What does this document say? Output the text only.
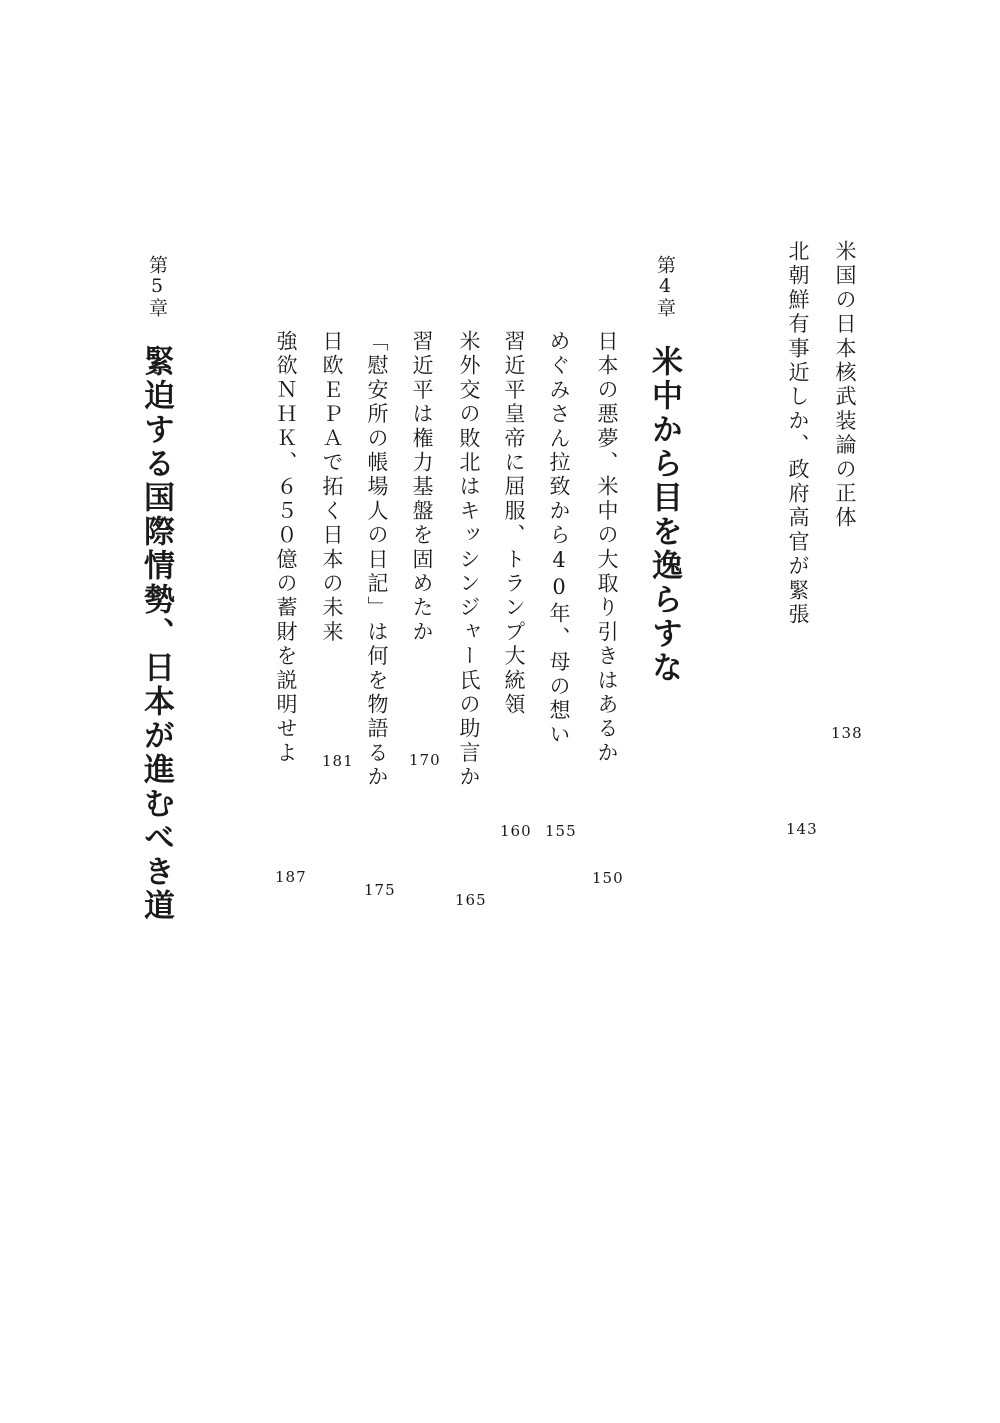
米国の日本核武装論の正体
138
北朝鮮有事近しか、政府高官が緊張
143
第4章
米中から目を逸らすな
日本の悪夢、米中の大取り引きはあるか
150
めぐみさん拉致から40年、母の想い
155
習近平皇帝に屈服、トランプ大統領
160
米外交の敗北はキッシンジャー氏の助言か
165
習近平は権力基盤を固めたか
170
「慰安所の帳場人の日記」は何を物語るか
175
日欧ＥＰＡで拓く日本の未来
181
強欲ＮＨＫ、６５０億の蓄財を説明せよ
187
第5章
緊迫する国際情勢、日本が進むべき道
